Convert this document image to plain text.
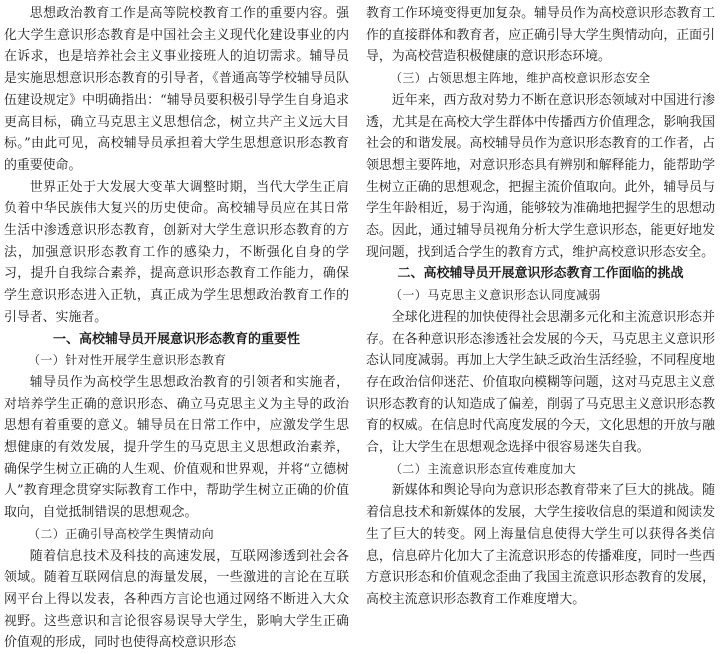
思想政治教育工作是高等院校教育工作的重要内容。强化大学生意识形态教育是中国社会主义现代化建设事业的内在诉求，也是培养社会主义事业接班人的迫切需求。辅导员是实施思想意识形态教育的引导者，《普通高等学校辅导员队伍建设规定》中明确指出：“辅导员要积极引导学生自身追求更高目标，确立马克思主义思想信念，树立共产主义远大目标。”由此可见，高校辅导员承担着大学生思想意识形态教育的重要使命。

世界正处于大发展大变革大调整时期，当代大学生正肩负着中华民族伟大复兴的历史使命。高校辅导员应在其日常生活中渗透意识形态教育，创新对大学生意识形态教育的方法，加强意识形态教育工作的感染力，不断强化自身的学习，提升自我综合素养，提高意识形态教育工作能力，确保学生意识形态进入正轨，真正成为学生思想政治教育工作的引导者、实施者。

一、高校辅导员开展意识形态教育的重要性

（一）针对性开展学生意识形态教育

辅导员作为高校学生思想政治教育的引领者和实施者，对培养学生正确的意识形态、确立马克思主义为主导的政治思想有着重要的意义。辅导员在日常工作中，应激发学生思想健康的有效发展，提升学生的马克思主义思想政治素养，确保学生树立正确的人生观、价值观和世界观，并将“立德树人”教育理念贯穿实际教育工作中，帮助学生树立正确的价值取向，自觉抵制错误的思想观念。

（二）正确引导高校学生舆情动向

随着信息技术及科技的高速发展，互联网渗透到社会各领域。随着互联网信息的海量发展，一些激进的言论在互联网平台上得以发表，各种西方言论也通过网络不断进入大众视野。这些意识和言论很容易误导大学生，影响大学生正确价值观的形成，同时也使得高校意识形态

教育工作环境变得更加复杂。辅导员作为高校意识形态教育工作的直接群体和教育者，应正确引导大学生舆情动向，正面引导，为高校营造积极健康的意识形态环境。

（三）占领思想主阵地，维护高校意识形态安全

近年来，西方敌对势力不断在意识形态领域对中国进行渗透，尤其是在高校大学生群体中传播西方价值理念，影响我国社会的和谐发展。高校辅导员作为意识形态教育的工作者，占领思想主要阵地，对意识形态具有辨别和解释能力，能帮助学生树立正确的思想观念，把握主流价值取向。此外，辅导员与学生年龄相近，易于沟通，能够较为准确地把握学生的思想动态。因此，通过辅导员视角分析大学生意识形态，能更好地发现问题，找到适合学生的教育方式，维护高校意识形态安全。

二、高校辅导员开展意识形态教育工作面临的挑战

（一）马克思主义意识形态认同度减弱

全球化进程的加快使得社会思潮多元化和主流意识形态并存。在各种意识形态渗透社会发展的今天，马克思主义意识形态认同度减弱。再加上大学生缺乏政治生活经验，不同程度地存在政治信仰迷茫、价值取向模糊等问题，这对马克思主义意识形态教育的认知造成了偏差，削弱了马克思主义意识形态教育的权威。在信息时代高度发展的今天，文化思想的开放与融合，让大学生在思想观念选择中很容易迷失自我。

（二）主流意识形态宣传难度加大

新媒体和舆论导向为意识形态教育带来了巨大的挑战。随着信息技术和新媒体的发展，大学生接收信息的渠道和阅读发生了巨大的转变。网上海量信息使得大学生可以获得各类信息，信息碎片化加大了主流意识形态的传播难度，同时一些西方意识形态和价值观念歪曲了我国主流意识形态教育的发展，高校主流意识形态教育工作难度增大。
